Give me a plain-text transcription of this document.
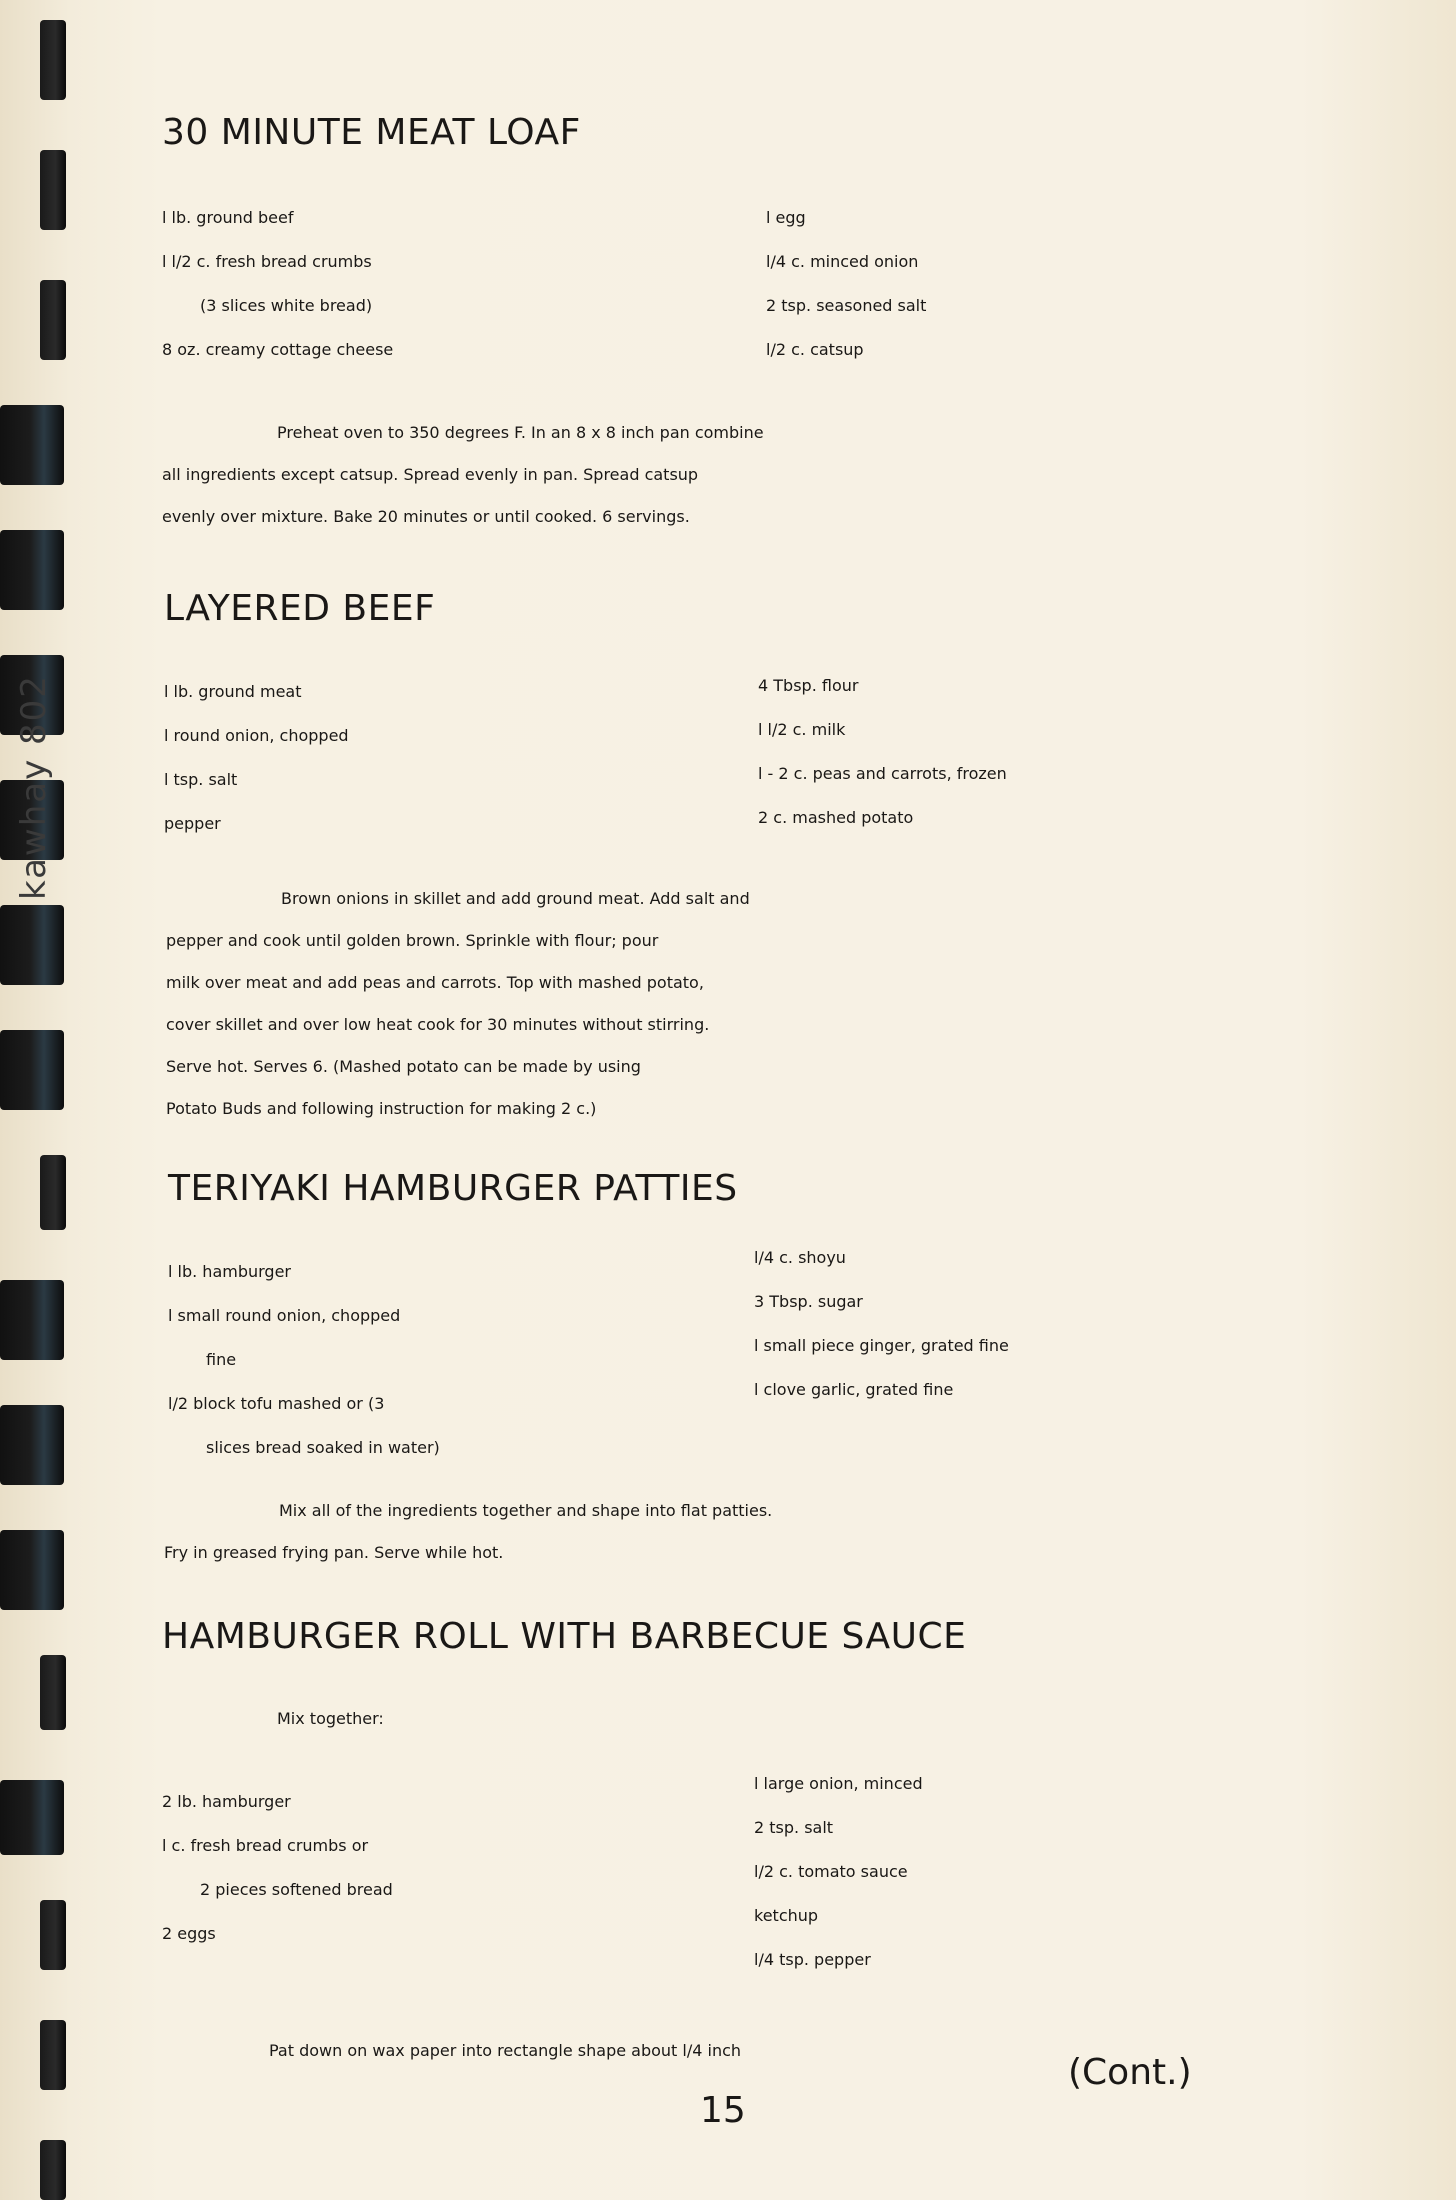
kawhay 802
30 MINUTE MEAT LOAF
l lb. ground beef
l l/2 c. fresh bread crumbs
(3 slices white bread)
8 oz. creamy cottage cheese
l egg
l/4 c. minced onion
2 tsp. seasoned salt
l/2 c. catsup
Preheat oven to 350 degrees F. In an 8 x 8 inch pan combine
all ingredients except catsup. Spread evenly in pan. Spread catsup
evenly over mixture. Bake 20 minutes or until cooked. 6 servings.
LAYERED BEEF
l lb. ground meat
l round onion, chopped
l tsp. salt
pepper
4 Tbsp. flour
l l/2 c. milk
l - 2 c. peas and carrots, frozen
2 c. mashed potato
Brown onions in skillet and add ground meat. Add salt and
pepper and cook until golden brown. Sprinkle with flour; pour
milk over meat and add peas and carrots. Top with mashed potato,
cover skillet and over low heat cook for 30 minutes without stirring.
Serve hot. Serves 6. (Mashed potato can be made by using
Potato Buds and following instruction for making 2 c.)
TERIYAKI HAMBURGER PATTIES
l lb. hamburger
l small round onion, chopped
fine
l/2 block tofu mashed or (3
slices bread soaked in water)
l/4 c. shoyu
3 Tbsp. sugar
l small piece ginger, grated fine
l clove garlic, grated fine
Mix all of the ingredients together and shape into flat patties.
Fry in greased frying pan. Serve while hot.
HAMBURGER ROLL WITH BARBECUE SAUCE
Mix together:
2 lb. hamburger
l c. fresh bread crumbs or
2 pieces softened bread
2 eggs
l large onion, minced
2 tsp. salt
l/2 c. tomato sauce
ketchup
l/4 tsp. pepper
Pat down on wax paper into rectangle shape about l/4 inch
(Cont.)
15
